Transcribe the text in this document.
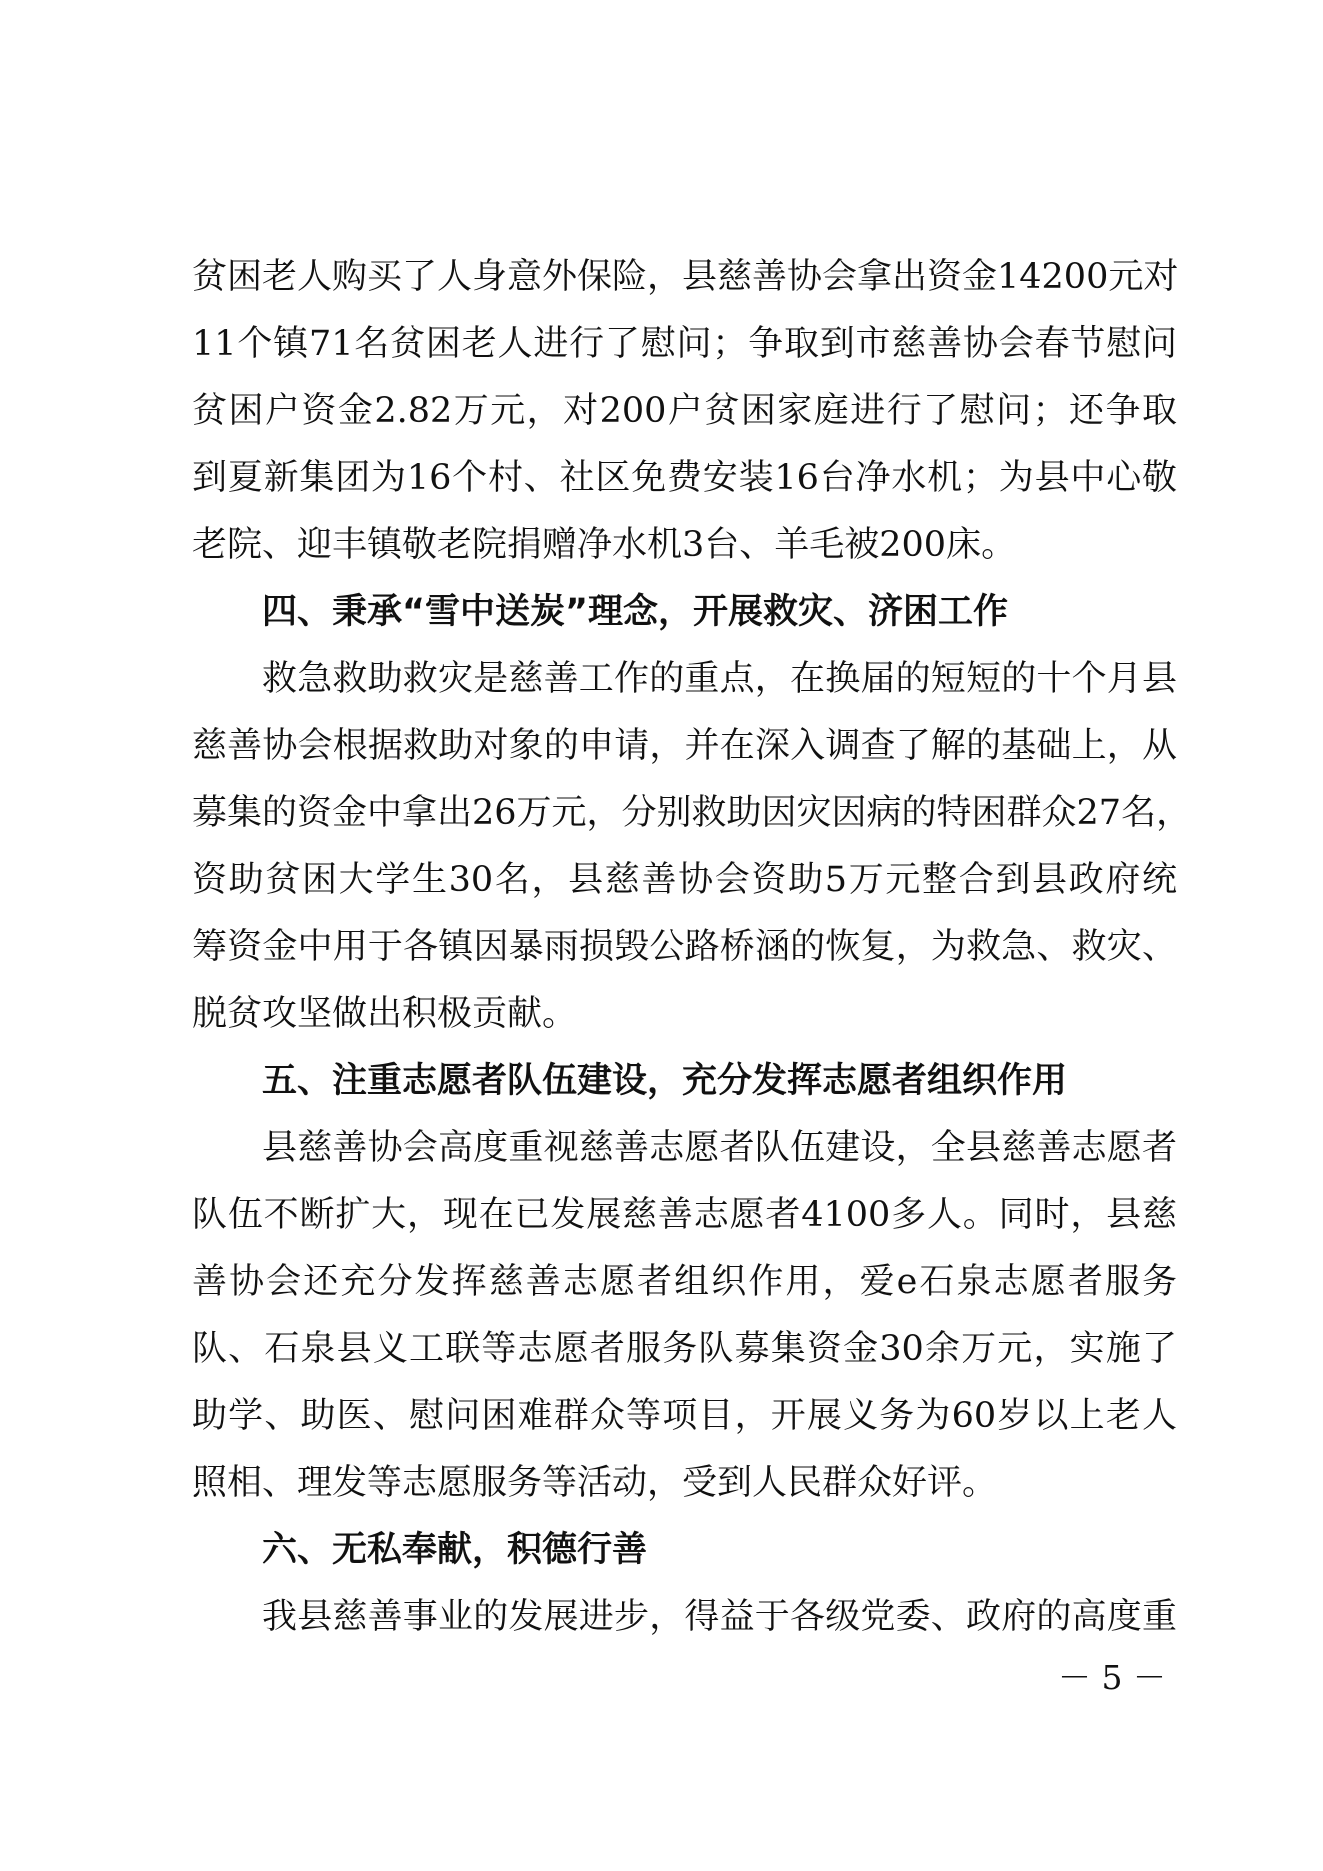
贫困老人购买了人身意外保险，县慈善协会拿出资金14200元对
11个镇71名贫困老人进行了慰问；争取到市慈善协会春节慰问
贫困户资金2.82万元，对200户贫困家庭进行了慰问；还争取
到夏新集团为16个村、社区免费安装16台净水机；为县中心敬
老院、迎丰镇敬老院捐赠净水机3台、羊毛被200床。
四、秉承“雪中送炭”理念，开展救灾、济困工作
救急救助救灾是慈善工作的重点，在换届的短短的十个月县
慈善协会根据救助对象的申请，并在深入调查了解的基础上，从
募集的资金中拿出26万元，分别救助因灾因病的特困群众27名，
资助贫困大学生30名，县慈善协会资助5万元整合到县政府统
筹资金中用于各镇因暴雨损毁公路桥涵的恢复，为救急、救灾、
脱贫攻坚做出积极贡献。
五、注重志愿者队伍建设，充分发挥志愿者组织作用
县慈善协会高度重视慈善志愿者队伍建设，全县慈善志愿者
队伍不断扩大，现在已发展慈善志愿者4100多人。同时，县慈
善协会还充分发挥慈善志愿者组织作用，爱e石泉志愿者服务
队、石泉县义工联等志愿者服务队募集资金30余万元，实施了
助学、助医、慰问困难群众等项目，开展义务为60岁以上老人
照相、理发等志愿服务等活动，受到人民群众好评。
六、无私奉献，积德行善
我县慈善事业的发展进步，得益于各级党委、政府的高度重
－ 5 －
